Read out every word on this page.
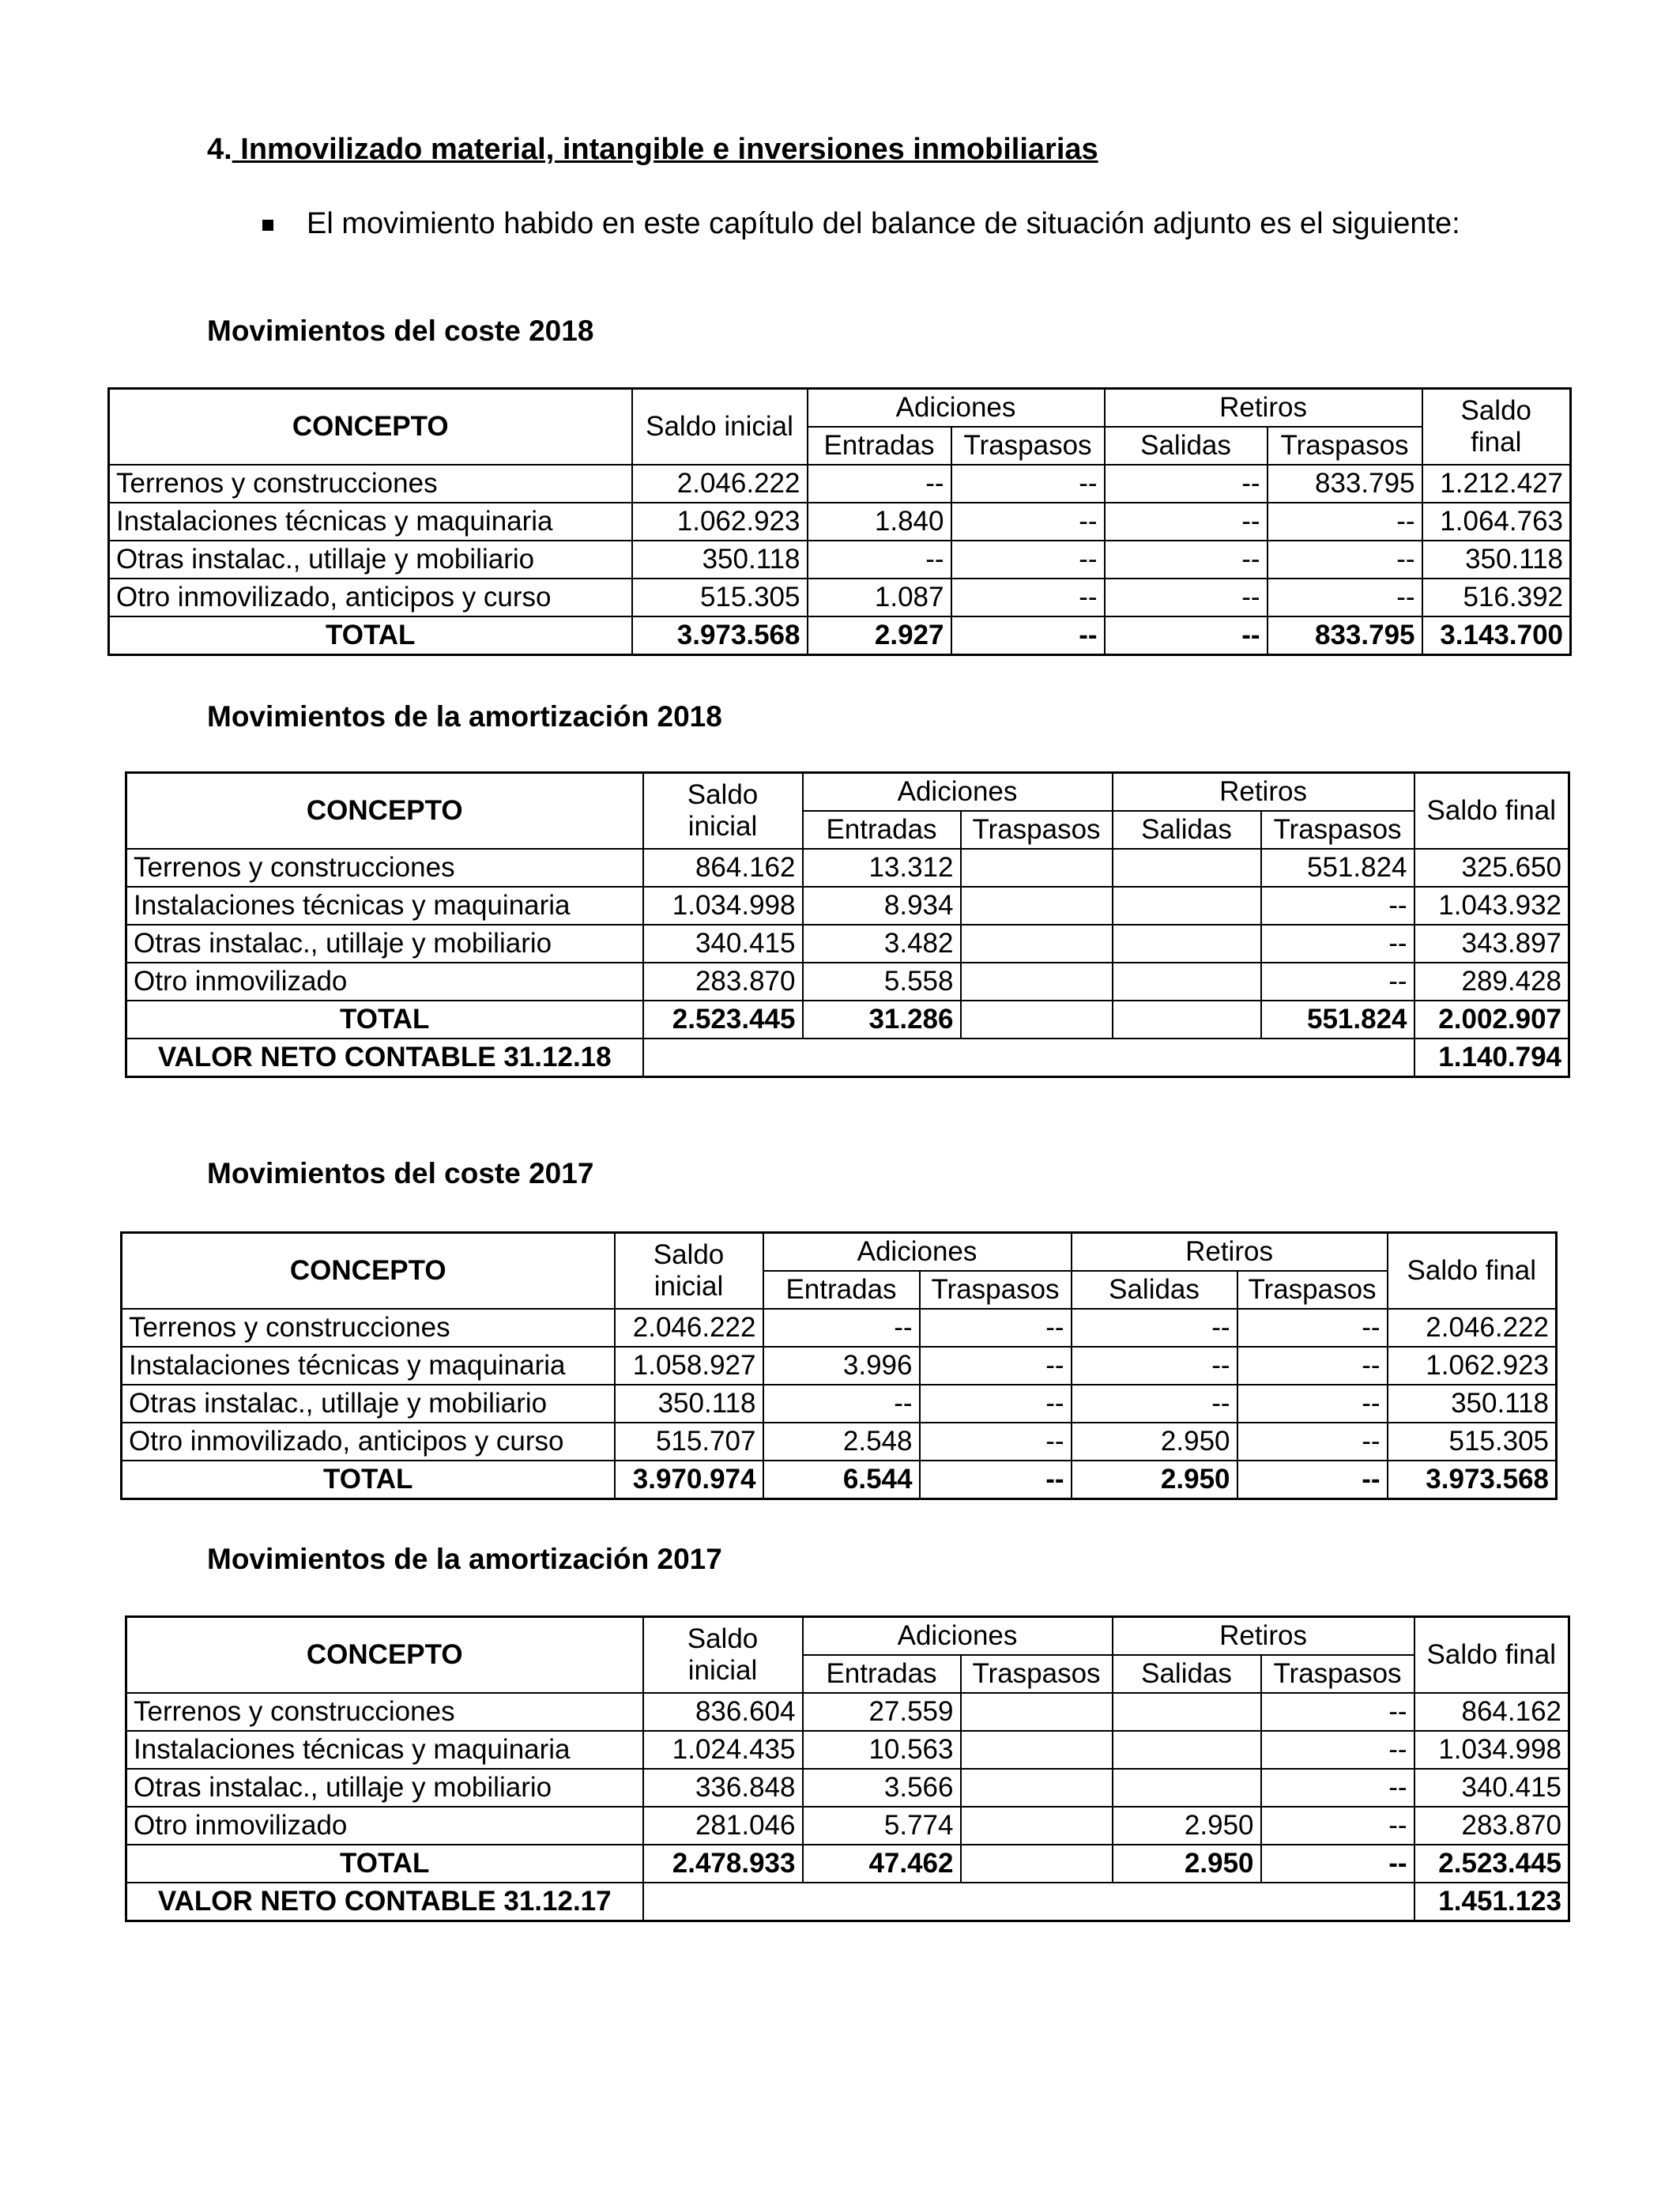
4. Inmovilizado material, intangible e inversiones inmobiliarias
El movimiento habido en este capítulo del balance de situación adjunto es el siguiente:
Movimientos del coste 2018
CONCEPTO	Saldo inicial	Adiciones		Retiros		Saldo
final
		Entradas	Traspasos	Salidas	Traspasos	
Terrenos y construcciones	2.046.222	--	--	--	833.795	1.212.427
Instalaciones técnicas y maquinaria	1.062.923	1.840	--	--	--	1.064.763
Otras instalac., utillaje y mobiliario	350.118	--	--	--	--	350.118
Otro inmovilizado, anticipos y curso	515.305	1.087	--	--	--	516.392
TOTAL	3.973.568	2.927	--	--	833.795	3.143.700
Movimientos de la amortización 2018
CONCEPTO	Saldo
inicial	Adiciones		Retiros		Saldo final
		Entradas	Traspasos	Salidas	Traspasos	
Terrenos y construcciones	864.162	13.312			551.824	325.650
Instalaciones técnicas y maquinaria	1.034.998	8.934			--	1.043.932
Otras instalac., utillaje y mobiliario	340.415	3.482			--	343.897
Otro inmovilizado	283.870	5.558			--	289.428
TOTAL	2.523.445	31.286			551.824	2.002.907
VALOR NETO CONTABLE 31.12.18						1.140.794
Movimientos del coste 2017
CONCEPTO	Saldo
inicial	Adiciones		Retiros		Saldo final
		Entradas	Traspasos	Salidas	Traspasos	
Terrenos y construcciones	2.046.222	--	--	--	--	2.046.222
Instalaciones técnicas y maquinaria	1.058.927	3.996	--	--	--	1.062.923
Otras instalac., utillaje y mobiliario	350.118	--	--	--	--	350.118
Otro inmovilizado, anticipos y curso	515.707	2.548	--	2.950	--	515.305
TOTAL	3.970.974	6.544	--	2.950	--	3.973.568
Movimientos de la amortización 2017
CONCEPTO	Saldo
inicial	Adiciones		Retiros		Saldo final
		Entradas	Traspasos	Salidas	Traspasos	
Terrenos y construcciones	836.604	27.559			--	864.162
Instalaciones técnicas y maquinaria	1.024.435	10.563			--	1.034.998
Otras instalac., utillaje y mobiliario	336.848	3.566			--	340.415
Otro inmovilizado	281.046	5.774		2.950	--	283.870
TOTAL	2.478.933	47.462		2.950	--	2.523.445
VALOR NETO CONTABLE 31.12.17						1.451.123
